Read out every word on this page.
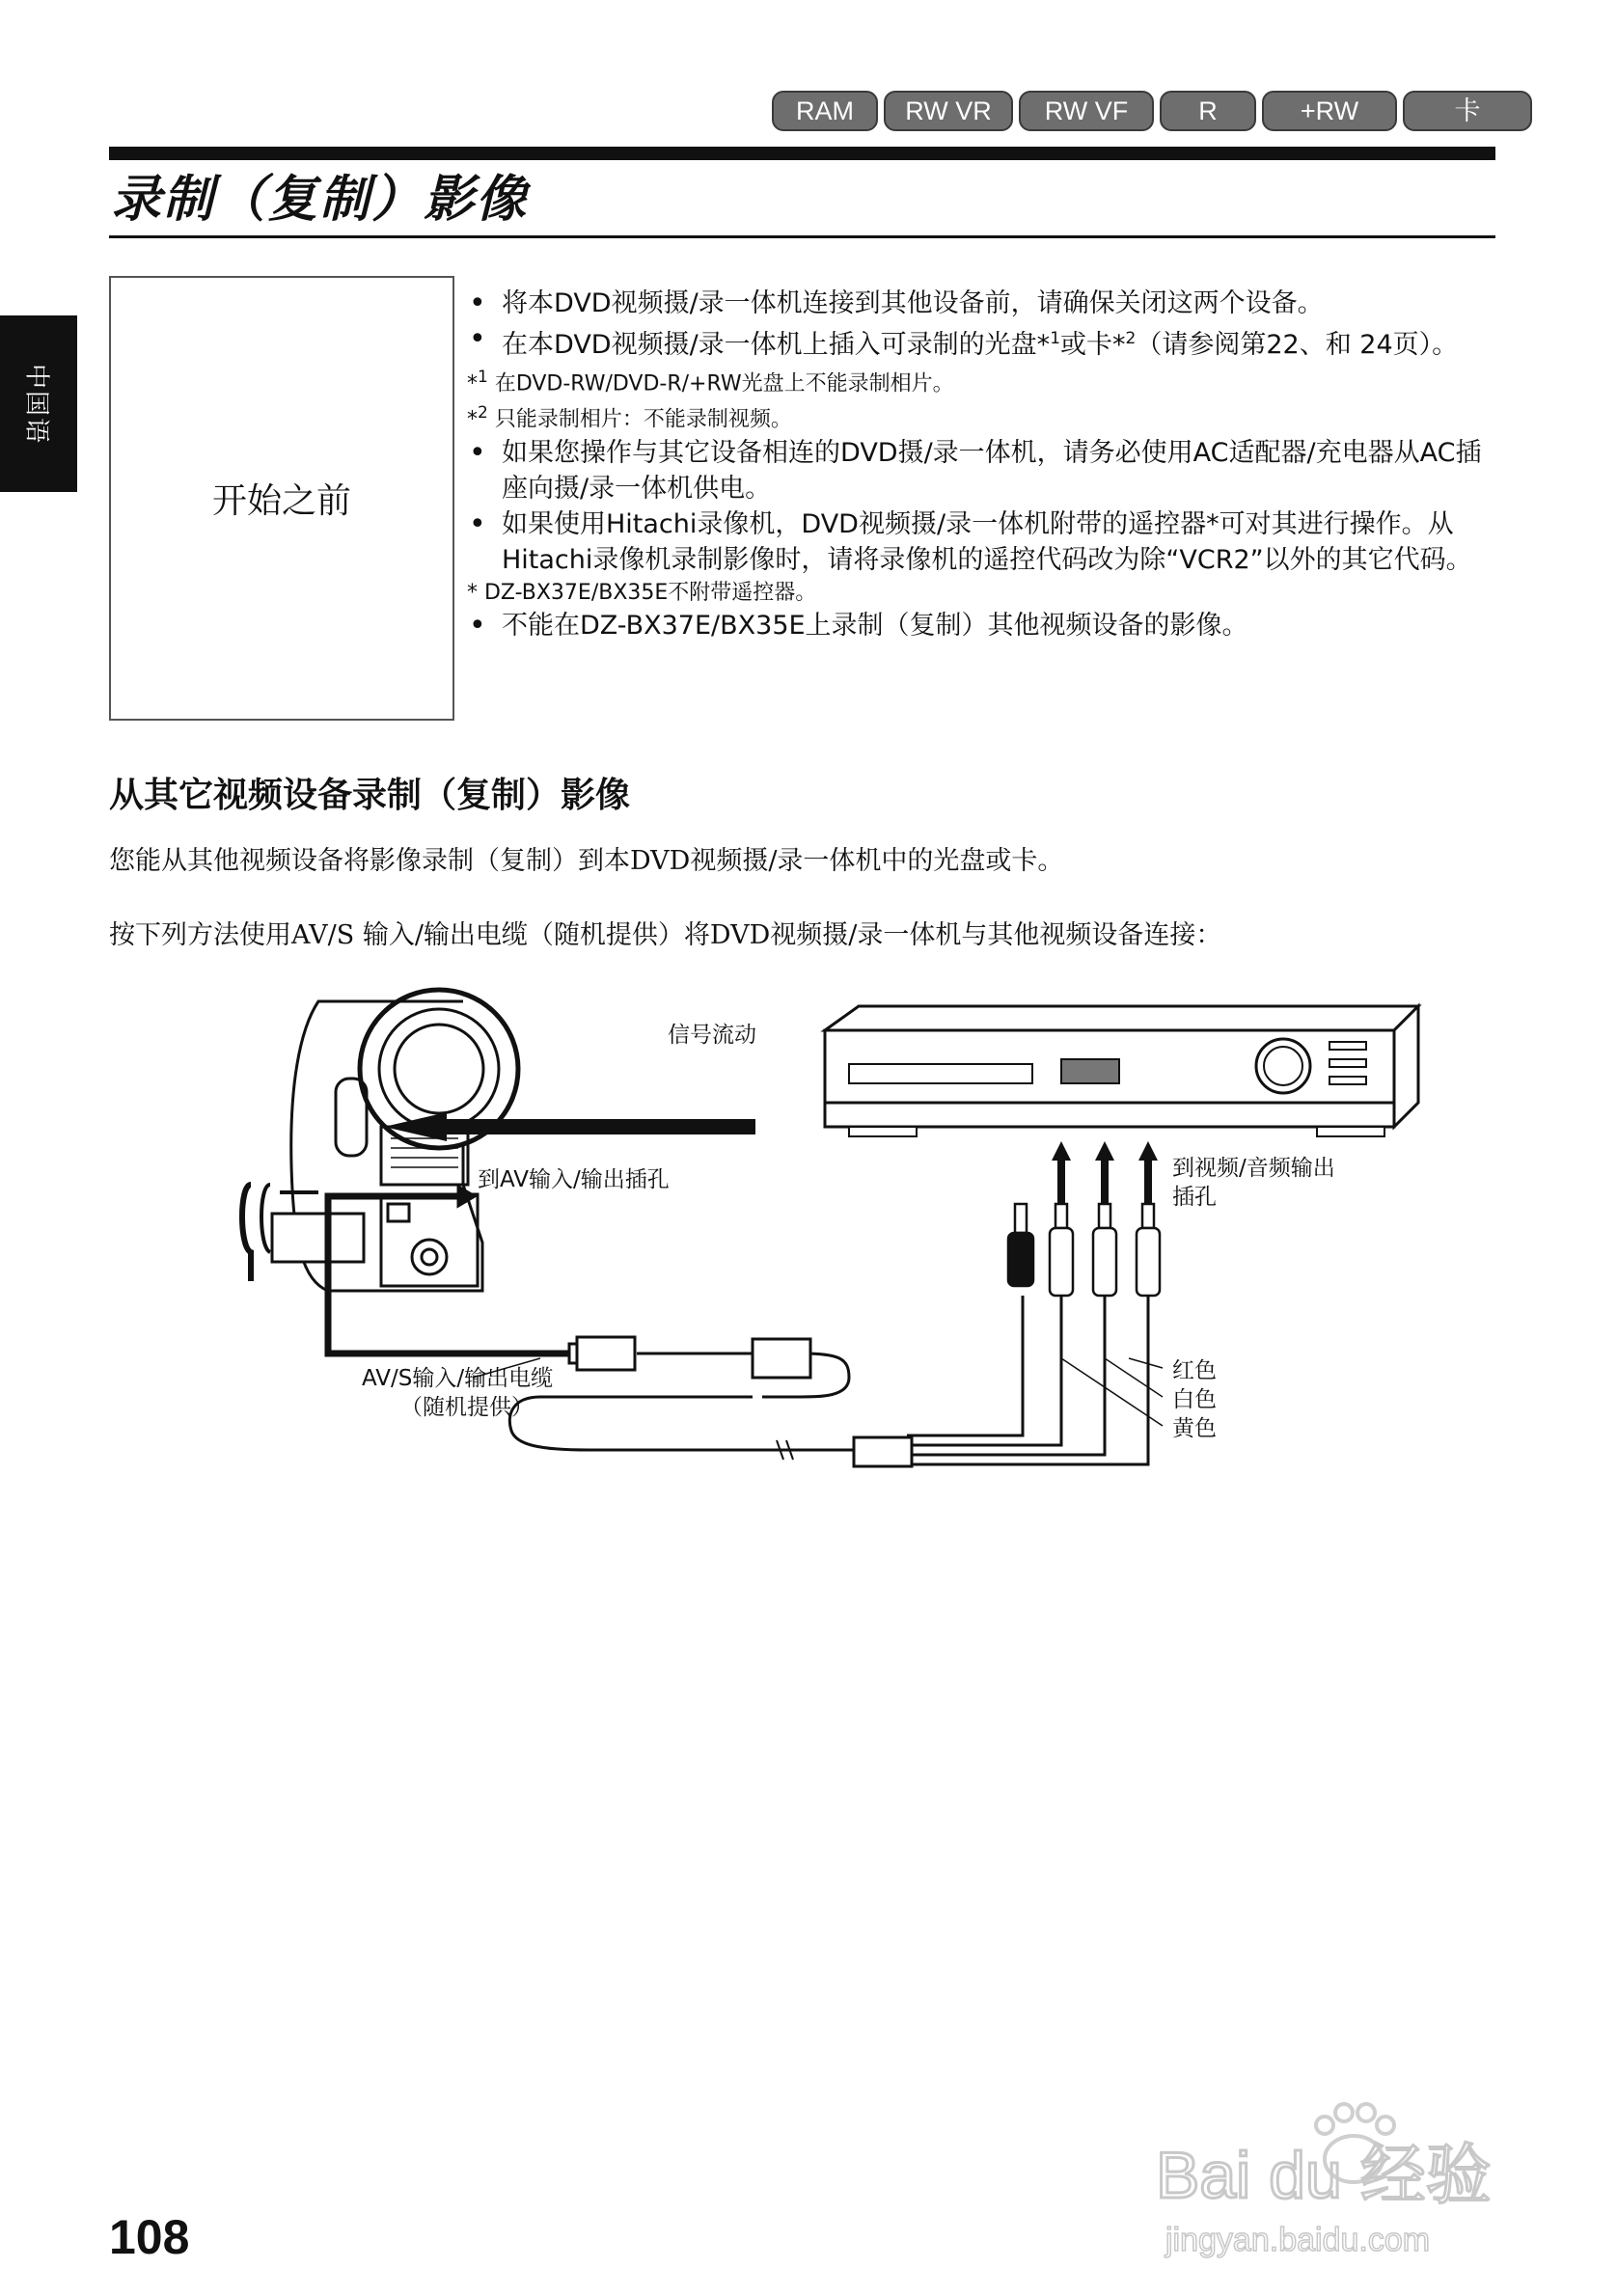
RAM	RW VR	RW VF	R	+RW	卡
录制（复制）影像
中国语
开始之前

• 将本DVD视频摄/录一体机连接到其他设备前，请确保关闭这两个设备。

• 在本DVD视频摄/录一体机上插入可录制的光盘*$^1$或卡*$^2$（请参阅第22、和 24页）。

*$^1$ 在DVD-RW/DVD-R/+RW光盘上不能录制相片。

*$^2$ 只能录制相片：不能录制视频。

• 如果您操作与其它设备相连的DVD摄/录一体机，请务必使用AC适配器/充电器从AC插座向摄/录一体机供电。

• 如果使用Hitachi录像机，DVD视频摄/录一体机附带的遥控器*可对其进行操作。从Hitachi录像机录制影像时，请将录像机的遥控代码改为除“VCR2”以外的其它代码。

* DZ-BX37E/BX35E不附带遥控器。

• 不能在DZ-BX37E/BX35E上录制（复制）其他视频设备的影像。

从其它视频设备录制（复制）影像
您能从其他视频设备将影像录制（复制）到本DVD视频摄/录一体机中的光盘或卡。
按下列方法使用AV/S 输入/输出电缆（随机提供）将DVD视频摄/录一体机与其他视频设备连接：
信号流动
到AV输入/输出插孔	到视频/音频输出
插孔
AV/S输入/输出电缆
（随机提供）
红色
白色
黄色
108
Bai du 经验
jingyan.baidu.com
